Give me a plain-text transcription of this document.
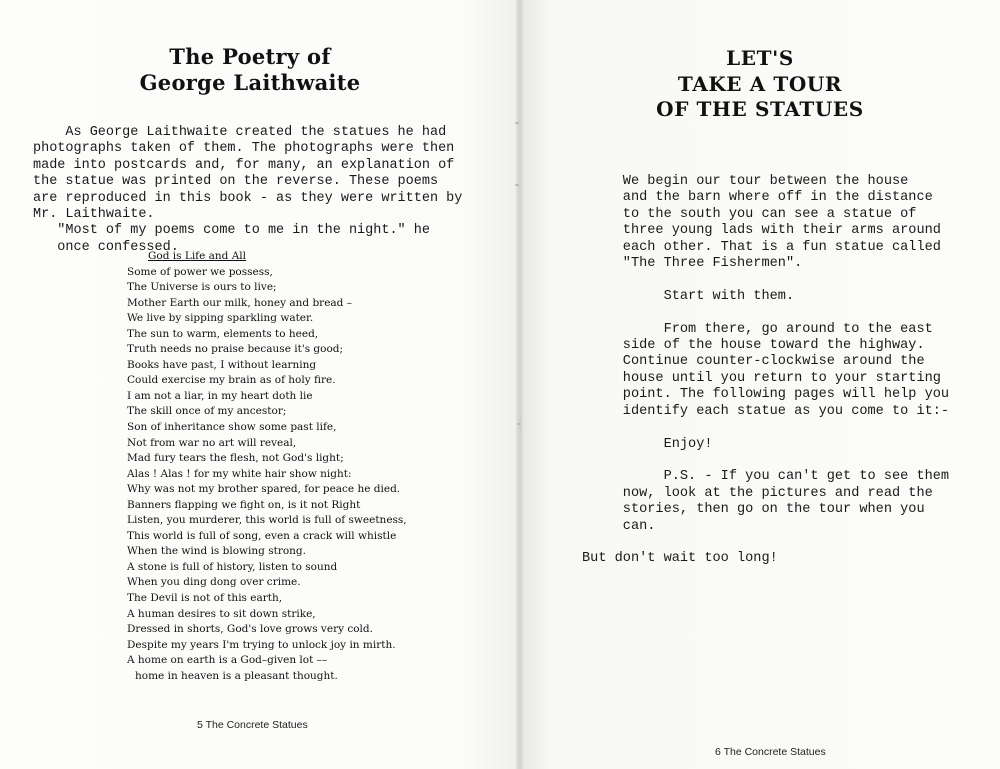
The Poetry of
George Laithwaite
As George Laithwaite created the statues he had
photographs taken of them. The photographs were then
made into postcards and, for many, an explanation of
the statue was printed on the reverse. These poems
are reproduced in this book - as they were written by
Mr. Laithwaite.
"Most of my poems come to me in the night." he
once confessed.
God is Life and All
Some of power we possess,
The Universe is ours to live;
Mother Earth our milk, honey and bread –
We live by sipping sparkling water.
The sun to warm, elements to heed,
Truth needs no praise because it's good;
Books have past, I without learning
Could exercise my brain as of holy fire.
I am not a liar, in my heart doth lie
The skill once of my ancestor;
Son of inheritance show some past life,
Not from war no art will reveal,
Mad fury tears the flesh, not God's light;
Alas ! Alas ! for my white hair show night:
Why was not my brother spared, for peace he died.
Banners flapping we fight on, is it not Right
Listen, you murderer, this world is full of sweetness,
This world is full of song, even a crack will whistle
When the wind is blowing strong.
A stone is full of history, listen to sound
When you ding dong over crime.
The Devil is not of this earth,
A human desires to sit down strike,
Dressed in shorts, God's love grows very cold.
Despite my years I'm trying to unlock joy in mirth.
A home on earth is a God–given lot ––
home in heaven is a pleasant thought.
5 The Concrete Statues
LET'S
TAKE A TOUR
OF THE STATUES
We begin our tour between the house
and the barn where off in the distance
to the south you can see a statue of
three young lads with their arms around
each other. That is a fun statue called
"The Three Fishermen".

Start with them.

From there, go around to the east
side of the house toward the highway.
Continue counter-clockwise around the
house until you return to your starting
point. The following pages will help you
identify each statue as you come to it:-

Enjoy!

P.S. - If you can't get to see them
now, look at the pictures and read the
stories, then go on the tour when you
can.

But don't wait too long!
6 The Concrete Statues
